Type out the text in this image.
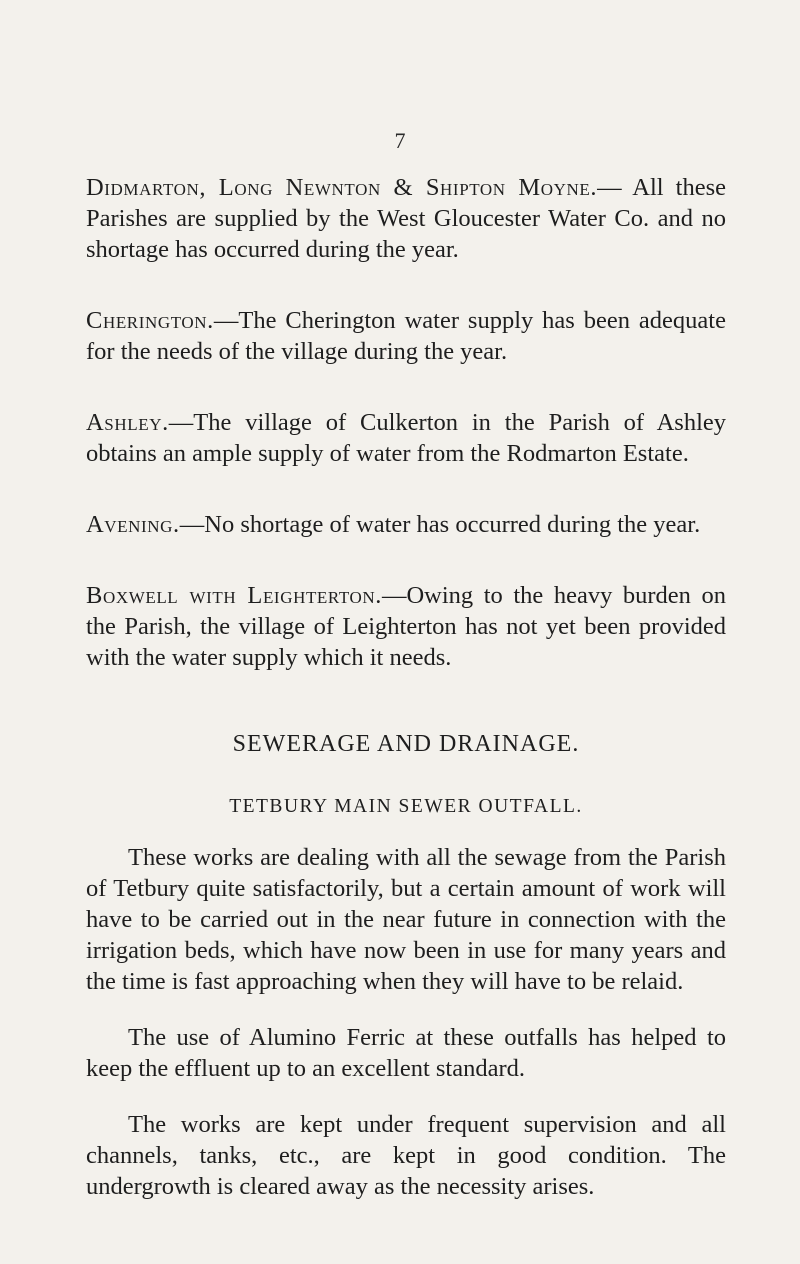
7

Didmarton, Long Newnton & Shipton Moyne.— All these Parishes are supplied by the West Gloucester Water Co. and no shortage has occurred during the year.

Cherington.—The Cherington water supply has been adequate for the needs of the village during the year.

Ashley.—The village of Culkerton in the Parish of Ashley obtains an ample supply of water from the Rodmarton Estate.

Avening.—No shortage of water has occurred during the year.

Boxwell with Leighterton.—Owing to the heavy burden on the Parish, the village of Leighterton has not yet been provided with the water supply which it needs.

SEWERAGE AND DRAINAGE.
TETBURY MAIN SEWER OUTFALL.

These works are dealing with all the sewage from the Parish of Tetbury quite satisfactorily, but a certain amount of work will have to be carried out in the near future in connection with the irrigation beds, which have now been in use for many years and the time is fast approaching when they will have to be relaid.

The use of Alumino Ferric at these outfalls has helped to keep the effluent up to an excellent standard.

The works are kept under frequent supervision and all channels, tanks, etc., are kept in good condition. The undergrowth is cleared away as the necessity arises.
